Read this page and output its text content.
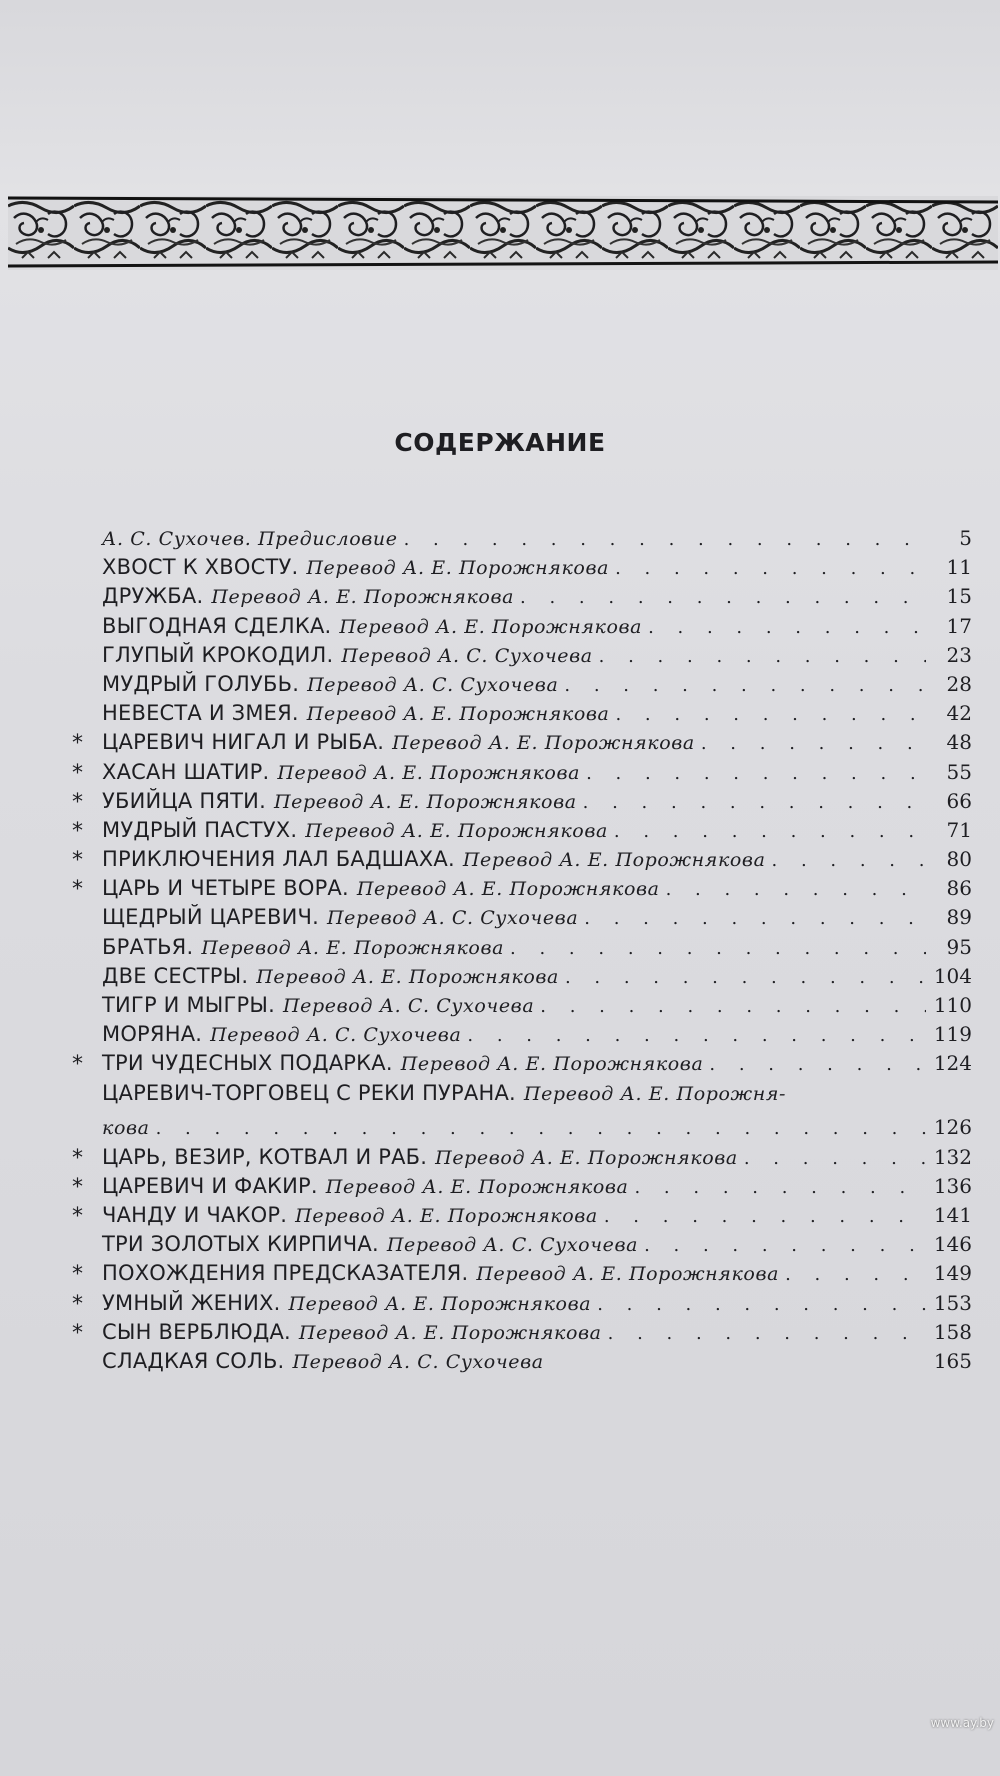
СОДЕРЖАНИЕ
А. С. Сухочев. Предисловие . . .	5
ХВОСТ К ХВОСТУ. Перевод А. Е. Порожнякова . . .	11
ДРУЖБА. Перевод А. Е. Порожнякова . . .	15
ВЫГОДНАЯ СДЕЛКА. Перевод А. Е. Порожнякова . . .	17
ГЛУПЫЙ КРОКОДИЛ. Перевод А. С. Сухочева . . .	23
МУДРЫЙ ГОЛУБЬ. Перевод А. С. Сухочева . . .	28
НЕВЕСТА И ЗМЕЯ. Перевод А. Е. Порожнякова . . .	42
* ЦАРЕВИЧ НИГАЛ И РЫБА. Перевод А. Е. Порожнякова . . .	48
* ХАСАН ШАТИР. Перевод А. Е. Порожнякова . . .	55
* УБИЙЦА ПЯТИ. Перевод А. Е. Порожнякова . . .	66
* МУДРЫЙ ПАСТУХ. Перевод А. Е. Порожнякова . . .	71
* ПРИКЛЮЧЕНИЯ ЛАЛ БАДШАХА. Перевод А. Е. Порожнякова . . .	80
* ЦАРЬ И ЧЕТЫРЕ ВОРА. Перевод А. Е. Порожнякова . . .	86
ЩЕДРЫЙ ЦАРЕВИЧ. Перевод А. С. Сухочева . . .	89
БРАТЬЯ. Перевод А. Е. Порожнякова . . .	95
ДВЕ СЕСТРЫ. Перевод А. Е. Порожнякова . . .	104
ТИГР И МЫГРЫ. Перевод А. С. Сухочева . . .	110
МОРЯНА. Перевод А. С. Сухочева . . .	119
* ТРИ ЧУДЕСНЫХ ПОДАРКА. Перевод А. Е. Порожнякова . . .	124
ЦАРЕВИЧ-ТОРГОВЕЦ С РЕКИ ПУРАНА. Перевод А. Е. Порожня-
кова . . .	126
* ЦАРЬ, ВЕЗИР, КОТВАЛ И РАБ. Перевод А. Е. Порожнякова . . .	132
* ЦАРЕВИЧ И ФАКИР. Перевод А. Е. Порожнякова . . .	136
* ЧАНДУ И ЧАКОР. Перевод А. Е. Порожнякова . . .	141
ТРИ ЗОЛОТЫХ КИРПИЧА. Перевод А. С. Сухочева . . .	146
* ПОХОЖДЕНИЯ ПРЕДСКАЗАТЕЛЯ. Перевод А. Е. Порожнякова . . .	149
* УМНЫЙ ЖЕНИХ. Перевод А. Е. Порожнякова . . .	153
* СЫН ВЕРБЛЮДА. Перевод А. Е. Порожнякова . . .	158
СЛАДКАЯ СОЛЬ. Перевод А. С. Сухочева	165
www.ay.by
